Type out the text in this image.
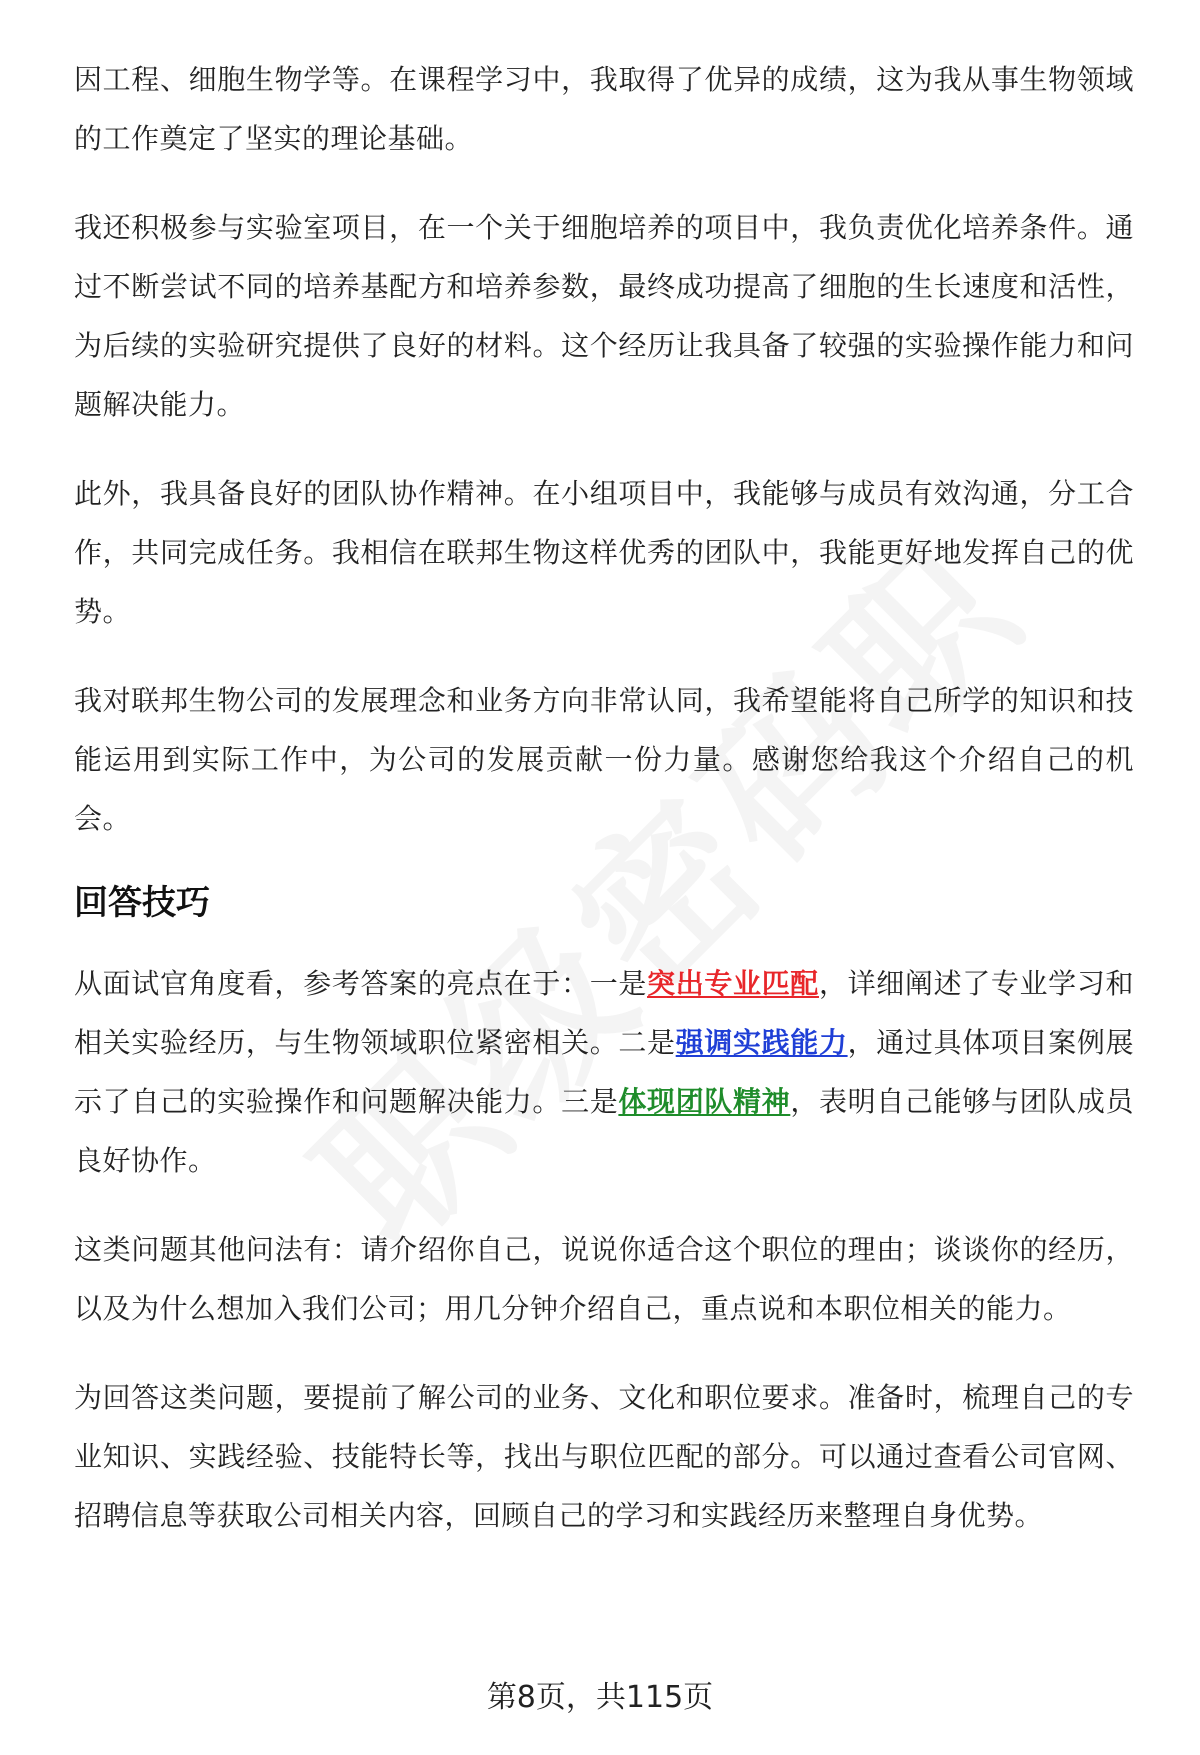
因工程、细胞生物学等。在课程学习中，我取得了优异的成绩，这为我从事生物领域的工作奠定了坚实的理论基础。

我还积极参与实验室项目，在一个关于细胞培养的项目中，我负责优化培养条件。通过不断尝试不同的培养基配方和培养参数，最终成功提高了细胞的生长速度和活性，为后续的实验研究提供了良好的材料。这个经历让我具备了较强的实验操作能力和问题解决能力。

此外，我具备良好的团队协作精神。在小组项目中，我能够与成员有效沟通，分工合作，共同完成任务。我相信在联邦生物这样优秀的团队中，我能更好地发挥自己的优势。

我对联邦生物公司的发展理念和业务方向非常认同，我希望能将自己所学的知识和技能运用到实际工作中，为公司的发展贡献一份力量。感谢您给我这个介绍自己的机会。

回答技巧

从面试官角度看，参考答案的亮点在于：一是突出专业匹配，详细阐述了专业学习和相关实验经历，与生物领域职位紧密相关。二是强调实践能力，通过具体项目案例展示了自己的实验操作和问题解决能力。三是体现团队精神，表明自己能够与团队成员良好协作。

这类问题其他问法有：请介绍你自己，说说你适合这个职位的理由；谈谈你的经历，以及为什么想加入我们公司；用几分钟介绍自己，重点说和本职位相关的能力。

为回答这类问题，要提前了解公司的业务、文化和职位要求。准备时，梳理自己的专业知识、实践经验、技能特长等，找出与职位匹配的部分。可以通过查看公司官网、招聘信息等获取公司相关内容，回顾自己的学习和实践经历来整理自身优势。

第8页，共115页
